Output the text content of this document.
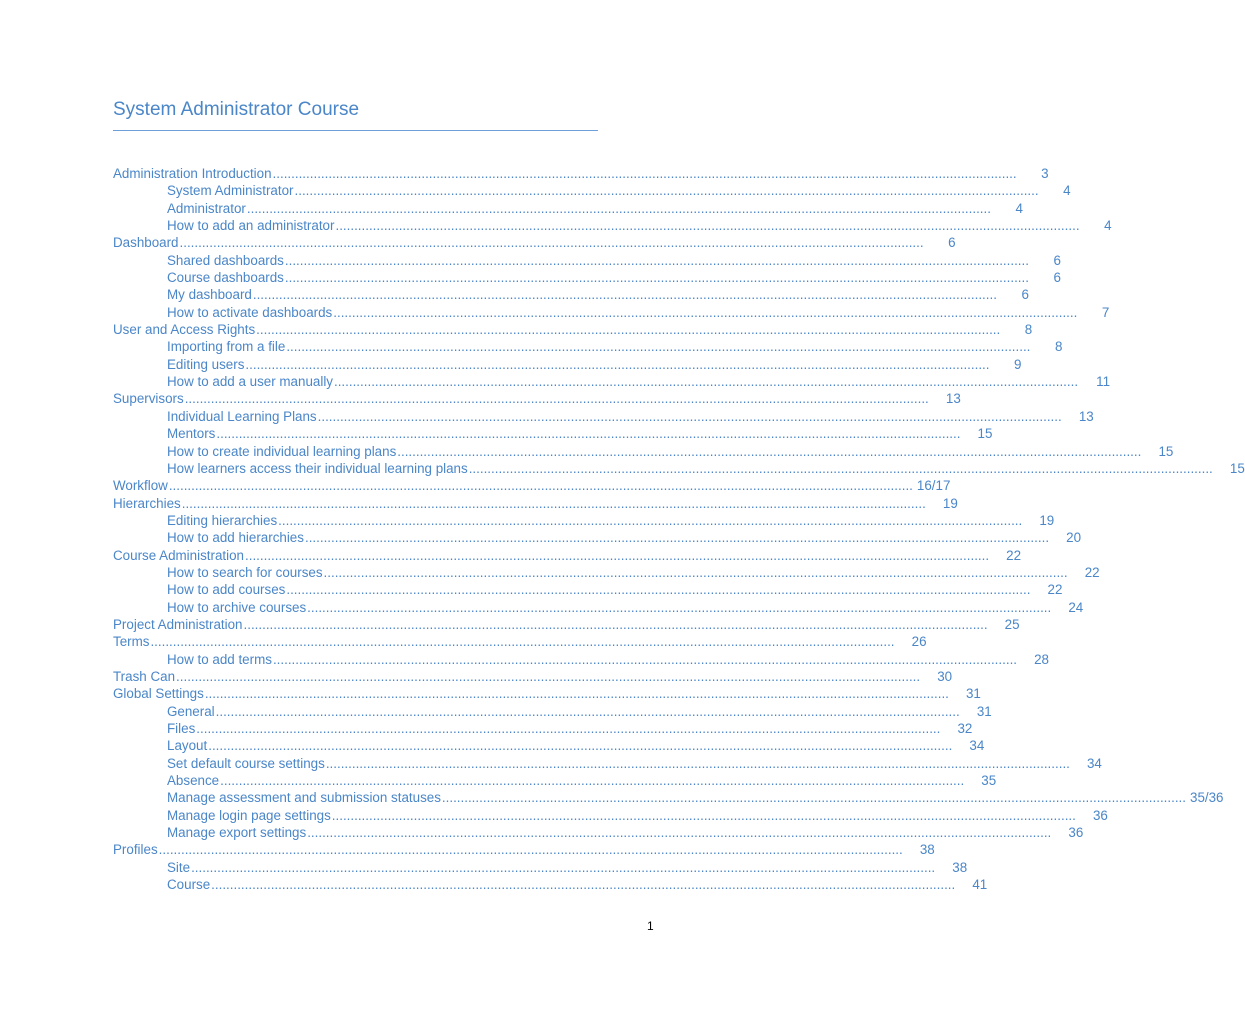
System Administrator Course
Administration Introduction ........................................................................................................................................................................................................	3
System Administrator ........................................................................................................................................................................................................	4
Administrator ........................................................................................................................................................................................................	4
How to add an administrator ........................................................................................................................................................................................................	4
Dashboard ........................................................................................................................................................................................................	6
Shared dashboards ........................................................................................................................................................................................................	6
Course dashboards ........................................................................................................................................................................................................	6
My dashboard ........................................................................................................................................................................................................	6
How to activate dashboards ........................................................................................................................................................................................................	7
User and Access Rights ........................................................................................................................................................................................................	8
Importing from a file ........................................................................................................................................................................................................	8
Editing users ........................................................................................................................................................................................................	9
How to add a user manually ........................................................................................................................................................................................................	11
Supervisors ........................................................................................................................................................................................................	13
Individual Learning Plans ........................................................................................................................................................................................................	13
Mentors ........................................................................................................................................................................................................	15
How to create individual learning plans ........................................................................................................................................................................................................	15
How learners access their individual learning plans ........................................................................................................................................................................................................	15
Workflow ........................................................................................................................................................................................................ 16/17
Hierarchies ........................................................................................................................................................................................................	19
Editing hierarchies ........................................................................................................................................................................................................	19
How to add hierarchies ........................................................................................................................................................................................................	20
Course Administration ........................................................................................................................................................................................................	22
How to search for courses ........................................................................................................................................................................................................	22
How to add courses ........................................................................................................................................................................................................	22
How to archive courses ........................................................................................................................................................................................................	24
Project Administration ........................................................................................................................................................................................................	25
Terms ........................................................................................................................................................................................................	26
How to add terms ........................................................................................................................................................................................................	28
Trash Can ........................................................................................................................................................................................................	30
Global Settings ........................................................................................................................................................................................................	31
General ........................................................................................................................................................................................................	31
Files ........................................................................................................................................................................................................	32
Layout ........................................................................................................................................................................................................	34
Set default course settings ........................................................................................................................................................................................................	34
Absence ........................................................................................................................................................................................................	35
Manage assessment and submission statuses ........................................................................................................................................................................................................ 35/36
Manage login page settings ........................................................................................................................................................................................................	36
Manage export settings ........................................................................................................................................................................................................	36
Profiles ........................................................................................................................................................................................................	38
Site ........................................................................................................................................................................................................	38
Course ........................................................................................................................................................................................................	41
1
